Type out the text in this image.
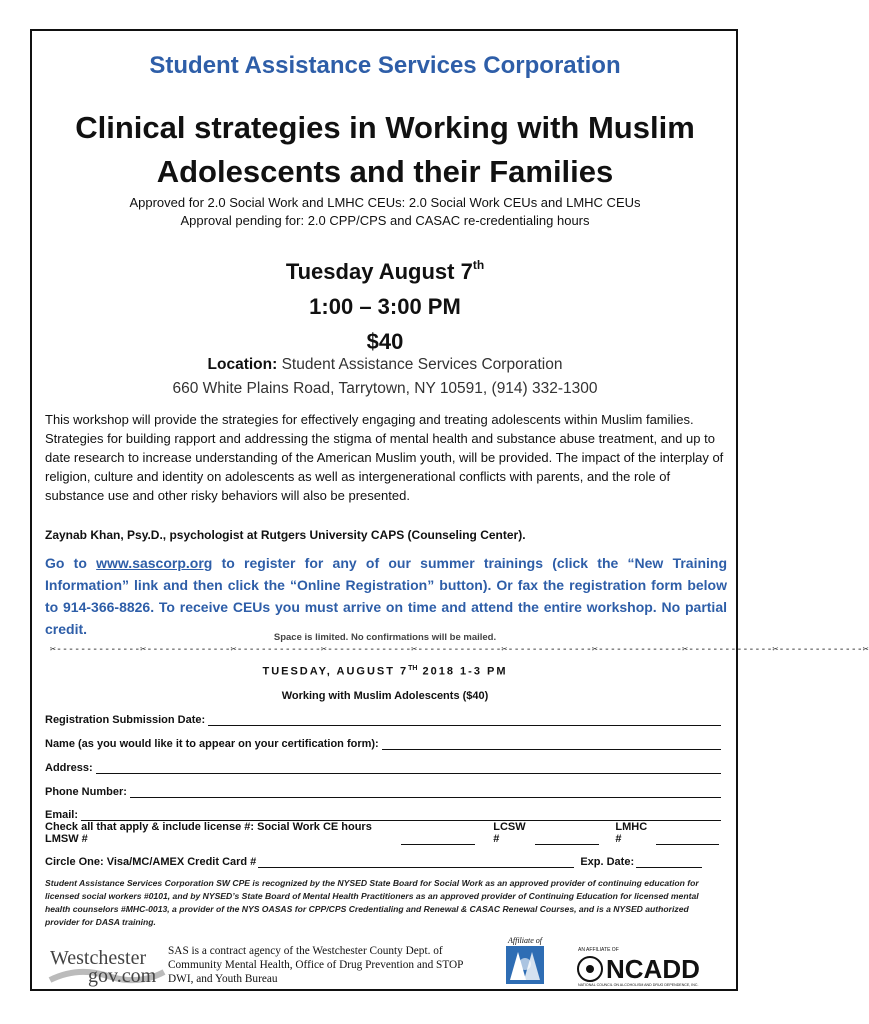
Student Assistance Services Corporation
Clinical strategies in Working with Muslim
Adolescents and their Families
Approved for 2.0 Social Work and LMHC CEUs: 2.0 Social Work CEUs and LMHC CEUs
Approval pending for: 2.0 CPP/CPS and CASAC re-credentialing hours
Tuesday August 7th
1:00 – 3:00 PM
$40
Location: Student Assistance Services Corporation
660 White Plains Road, Tarrytown, NY 10591, (914) 332-1300
This workshop will provide the strategies for effectively engaging and treating adolescents within Muslim families. Strategies for building rapport and addressing the stigma of mental health and substance abuse treatment, and up to date research to increase understanding of the American Muslim youth, will be provided. The impact of the interplay of religion, culture and identity on adolescents as well as intergenerational conflicts with parents, and the role of substance use and other risky behaviors will also be presented.
Zaynab Khan, Psy.D., psychologist at Rutgers University CAPS (Counseling Center).
Go to www.sascorp.org to register for any of our summer trainings (click the “New Training Information” link and then click the “Online Registration” button). Or fax the registration form below to 914-366-8826. To receive CEUs you must arrive on time and attend the entire workshop. No partial credit.
Space is limited. No confirmations will be mailed.
✂--------------✂--------------✂--------------✂--------------✂--------------✂--------------✂--------------✂--------------✂--------------✂
TUESDAY, AUGUST 7TH 2018 1-3 PM
Working with Muslim Adolescents ($40)
Registration Submission Date:
Name (as you would like it to appear on your certification form):
Address:
Phone Number:
Email:
Check all that apply & include license #: Social Work CE hours LMSW #
LCSW #
LMHC #
Circle One: Visa/MC/AMEX Credit Card #	Exp. Date:
Student Assistance Services Corporation SW CPE is recognized by the NYSED State Board for Social Work as an approved provider of continuing education for licensed social workers #0101, and by NYSED’s State Board of Mental Health Practitioners as an approved provider of Continuing Education for licensed mental health counselors #MHC-0013, a provider of the NYS OASAS for CPP/CPS Credentialing and Renewal & CASAC Renewal Courses, and is a NYSED authorized provider for DASA training.
Westchester
gov.com
SAS is a contract agency of the Westchester County Dept. of Community Mental Health, Office of Drug Prevention and STOP DWI, and Youth Bureau
Affiliate of
AN AFFILIATE OF
NCADD
NATIONAL COUNCIL ON ALCOHOLISM AND DRUG DEPENDENCE, INC.
